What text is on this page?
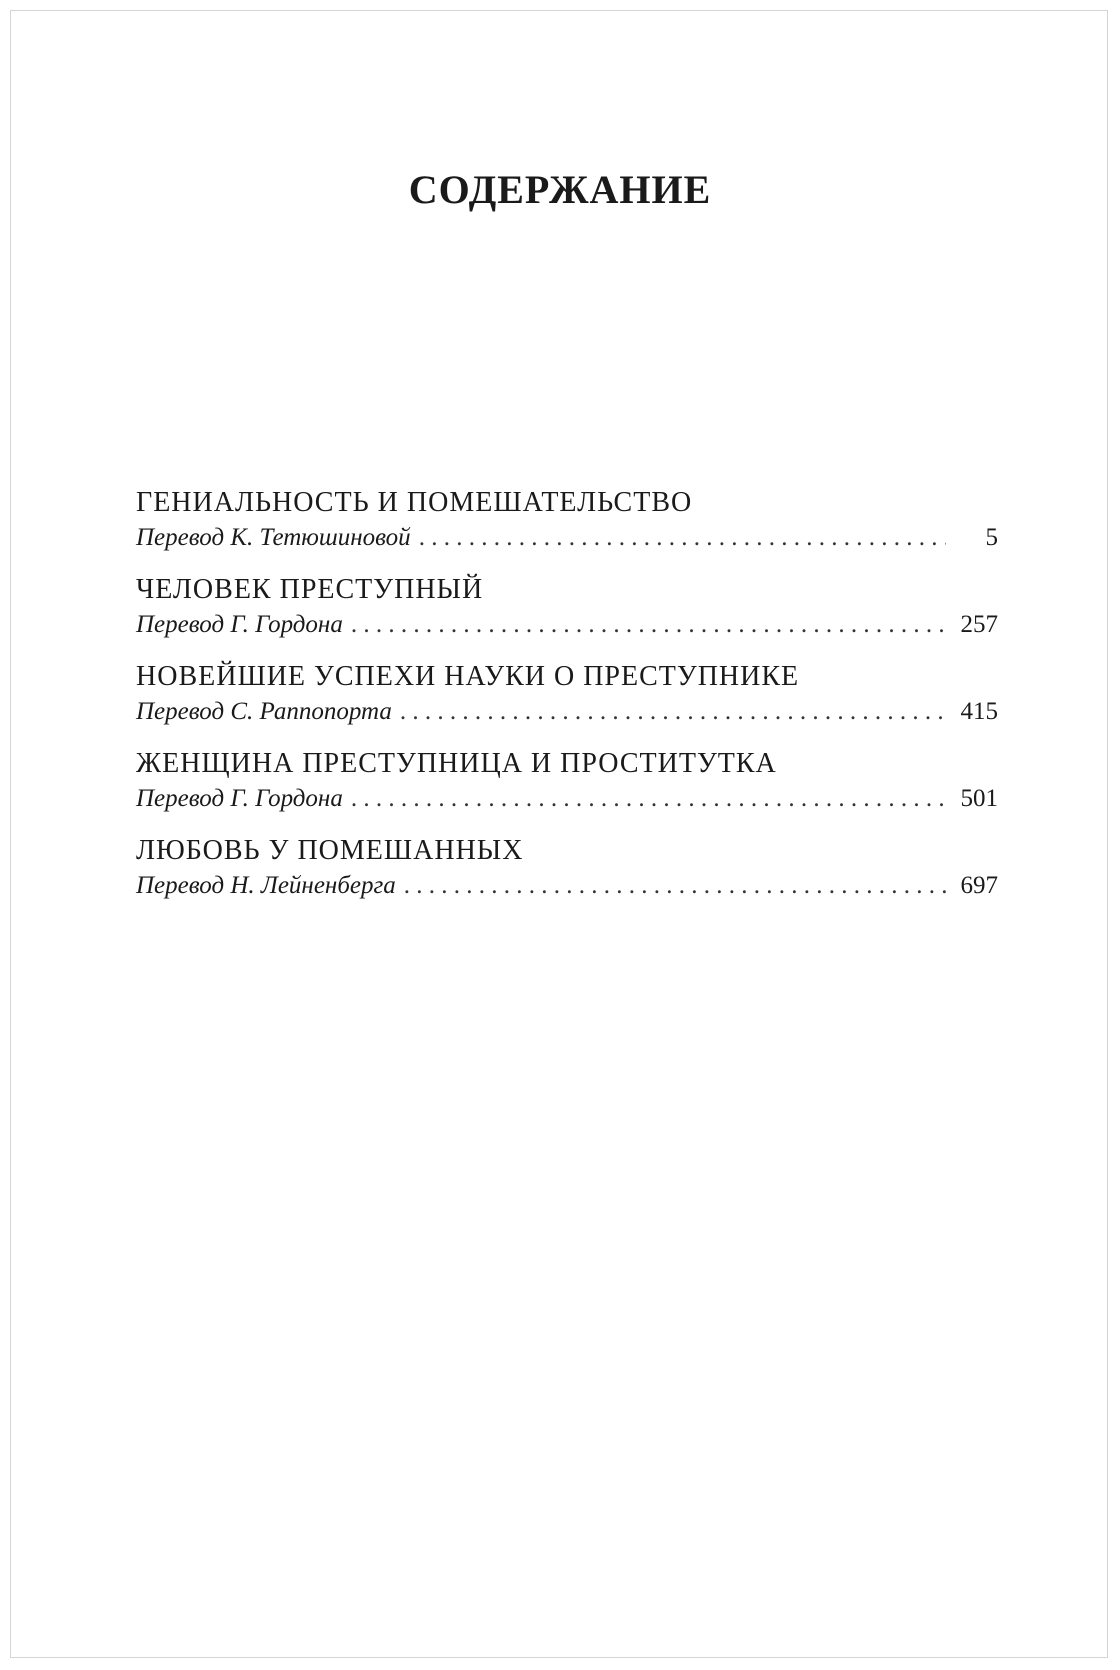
СОДЕРЖАНИЕ
ГЕНИАЛЬНОСТЬ И ПОМЕШАТЕЛЬСТВО
Перевод К. Тетюшиновой . . .	5
ЧЕЛОВЕК ПРЕСТУПНЫЙ
Перевод Г. Гордона . . .	257
НОВЕЙШИЕ УСПЕХИ НАУКИ О ПРЕСТУПНИКЕ
Перевод С. Раппопорта . . .	415
ЖЕНЩИНА ПРЕСТУПНИЦА И ПРОСТИТУТКА
Перевод Г. Гордона . . .	501
ЛЮБОВЬ У ПОМЕШАННЫХ
Перевод Н. Лейненберга . . .	697
